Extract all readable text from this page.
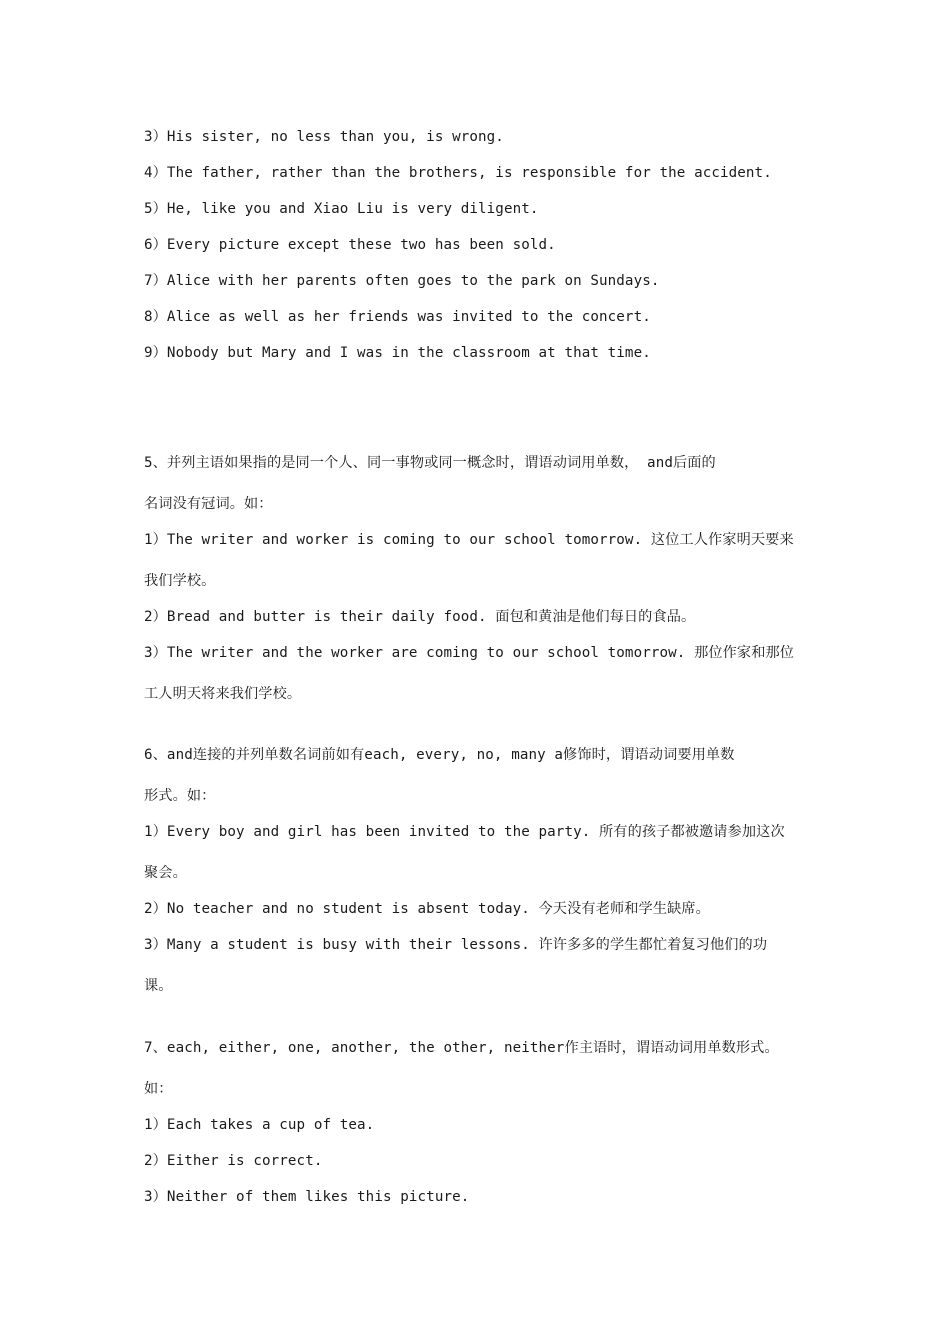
3）His sister, no less than you, is wrong.
4）The father, rather than the brothers, is responsible for the accident.
5）He, like you and Xiao Liu is very diligent.
6）Every picture except these two has been sold.
7）Alice with her parents often goes to the park on Sundays.
8）Alice as well as her friends was invited to the concert.
9）Nobody but Mary and I was in the classroom at that time.
5、并列主语如果指的是同一个人、同一事物或同一概念时，谓语动词用单数， and后面的
名词没有冠词。如：
1）The writer and worker is coming to our school tomorrow. 这位工人作家明天要来
我们学校。
2）Bread and butter is their daily food. 面包和黄油是他们每日的食品。
3）The writer and the worker are coming to our school tomorrow. 那位作家和那位
工人明天将来我们学校。
6、and连接的并列单数名词前如有each, every, no, many a修饰时，谓语动词要用单数
形式。如：
1）Every boy and girl has been invited to the party. 所有的孩子都被邀请参加这次
聚会。
2）No teacher and no student is absent today. 今天没有老师和学生缺席。
3）Many a student is busy with their lessons. 许许多多的学生都忙着复习他们的功
课。
7、each, either, one, another, the other, neither作主语时，谓语动词用单数形式。
如：
1）Each takes a cup of tea.
2）Either is correct.
3）Neither of them likes this picture.
